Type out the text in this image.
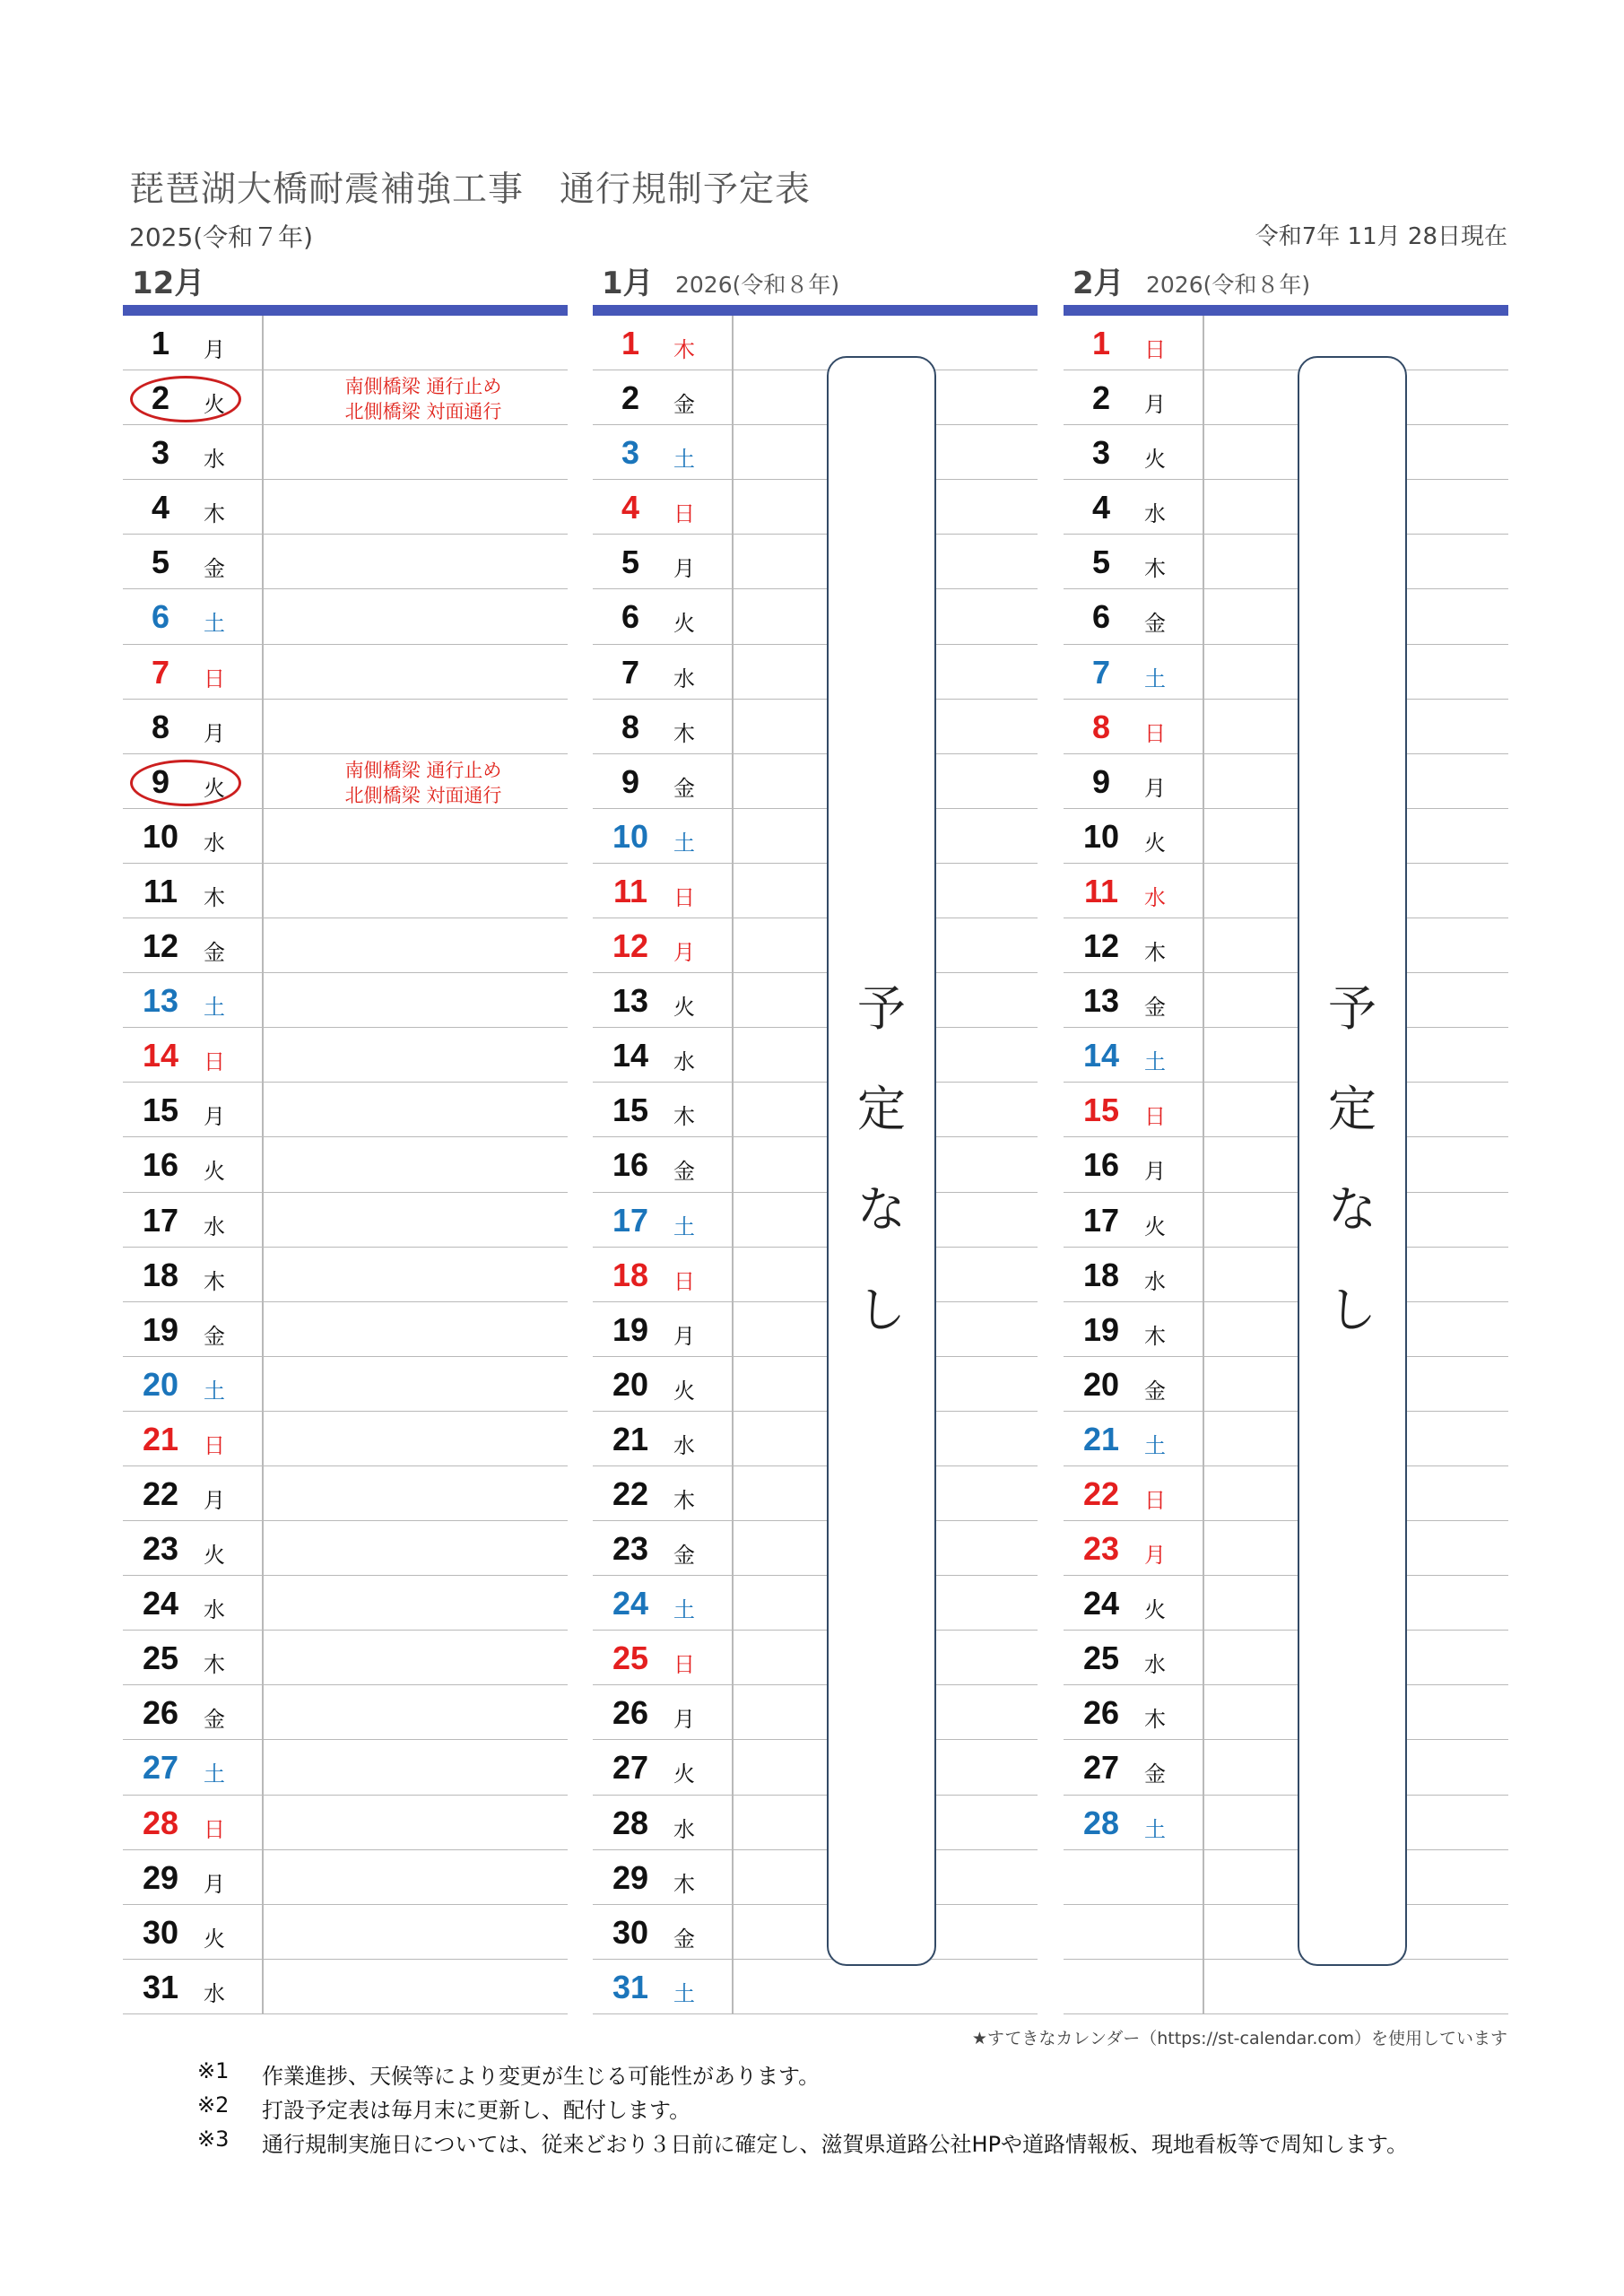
琵琶湖大橋耐震補強工事　通行規制予定表
2025(令和７年)	令和7年 11月 28日現在
12月
1	月
2	火
南側橋梁 通行止め
北側橋梁 対面通行
3	水
4	木
5	金
6	土
7	日
8	月
9	火
南側橋梁 通行止め
北側橋梁 対面通行
10	水
11	木
12	金
13	土
14	日
15	月
16	火
17	水
18	木
19	金
20	土
21	日
22	月
23	火
24	水
25	木
26	金
27	土
28	日
29	月
30	火
31	水
1月 2026(令和８年)
1	木
2	金
3	土
4	日
5	月
6	火
7	水
8	木
9	金
10	土
11	日
12	月
13	火
14	水
15	木
16	金
17	土
18	日
19	月
20	火
21	水
22	木
23	金
24	土
25	日
26	月
27	火
28	水
29	木
30	金
31	土
予
定
な
し
2月 2026(令和８年)
1	日
2	月
3	火
4	水
5	木
6	金
7	土
8	日
9	月
10	火
11	水
12	木
13	金
14	土
15	日
16	月
17	火
18	水
19	木
20	金
21	土
22	日
23	月
24	火
25	水
26	木
27	金
28	土
予
定
な
し
★すてきなカレンダー（https://st-calendar.com）を使用しています
※1 作業進捗、天候等により変更が生じる可能性があります。
※2 打設予定表は毎月末に更新し、配付します。
※3 通行規制実施日については、従来どおり３日前に確定し、滋賀県道路公社HPや道路情報板、現地看板等で周知します。
